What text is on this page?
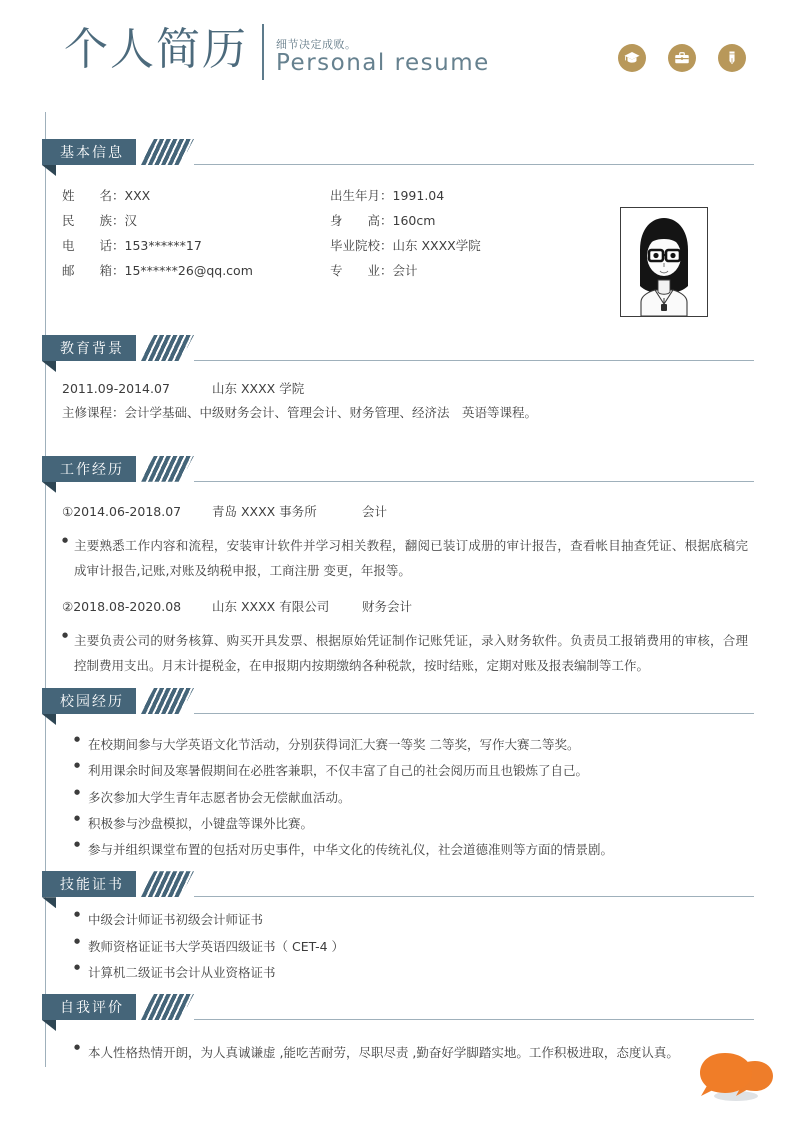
个人简历	细节决定成败。
Personal resume
基本信息
姓　　名： XXX
民　　族： 汉
电　　话： 153******17
邮　　箱： 15******26@qq.com
出生年月： 1991.04
身　　高： 160cm
毕业院校： 山东 XXXX学院
专　　业： 会计
教育背景
2011.09-2014.07	山东 XXXX 学院
主修课程：会计学基础、中级财务会计、管理会计、财务管理、经济法　英语等课程。
工作经历
①2014.06-2018.07	青岛 XXXX 事务所	会计
● 主要熟悉工作内容和流程，安装审计软件并学习相关教程，翻阅已装订成册的审计报告，查看帐目抽查凭证、根据底稿完成审计报告,记账,对账及纳税申报，工商注册 变更，年报等。
②2018.08-2020.08	山东 XXXX 有限公司	财务会计
● 主要负责公司的财务核算、购买开具发票、根据原始凭证制作记账凭证，录入财务软件。负责员工报销费用的审核，合理控制费用支出。月末计提税金，在申报期内按期缴纳各种税款，按时结账，定期对账及报表编制等工作。
校园经历
● 在校期间参与大学英语文化节活动，分别获得词汇大赛一等奖 二等奖，写作大赛二等奖。
● 利用课余时间及寒暑假期间在必胜客兼职，不仅丰富了自己的社会阅历而且也锻炼了自己。
● 多次参加大学生青年志愿者协会无偿献血活动。
● 积极参与沙盘模拟，小键盘等课外比赛。
● 参与并组织课堂布置的包括对历史事件，中华文化的传统礼仪，社会道德准则等方面的情景剧。
技能证书
● 中级会计师证书初级会计师证书
● 教师资格证证书大学英语四级证书（ CET-4 ）
● 计算机二级证书会计从业资格证书
自我评价
● 本人性格热情开朗，为人真诚谦虚 ,能吃苦耐劳，尽职尽责 ,勤奋好学脚踏实地。工作积极进取，态度认真。
